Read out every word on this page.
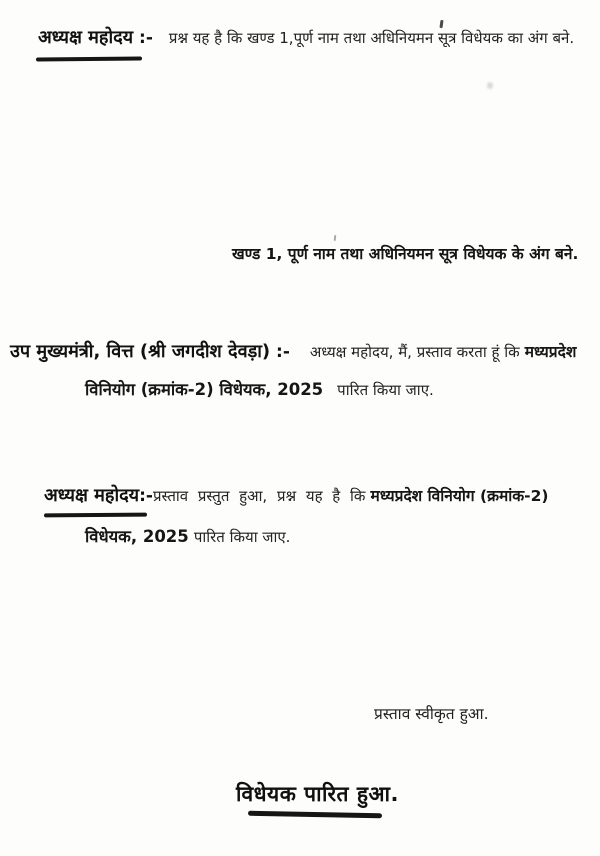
अध्यक्ष महोदय :- प्रश्न यह है कि खण्ड 1,पूर्ण नाम तथा अधिनियमन सूत्र विधेयक का अंग बने.
खण्ड 1, पूर्ण नाम तथा अधिनियमन सूत्र विधेयक के अंग बने.
उप मुख्यमंत्री, वित्त (श्री जगदीश देवड़ा) :- अध्यक्ष महोदय, मैं, प्रस्ताव करता हूं कि मध्यप्रदेश
विनियोग (क्रमांक-2) विधेयक, 2025 पारित किया जाए.
अध्यक्ष महोदय:-प्रस्ताव प्रस्तुत हुआ, प्रश्न यह है कि मध्यप्रदेश विनियोग (क्रमांक-2)
विधेयक, 2025 पारित किया जाए.
प्रस्ताव स्वीकृत हुआ.
विधेयक पारित हुआ.
